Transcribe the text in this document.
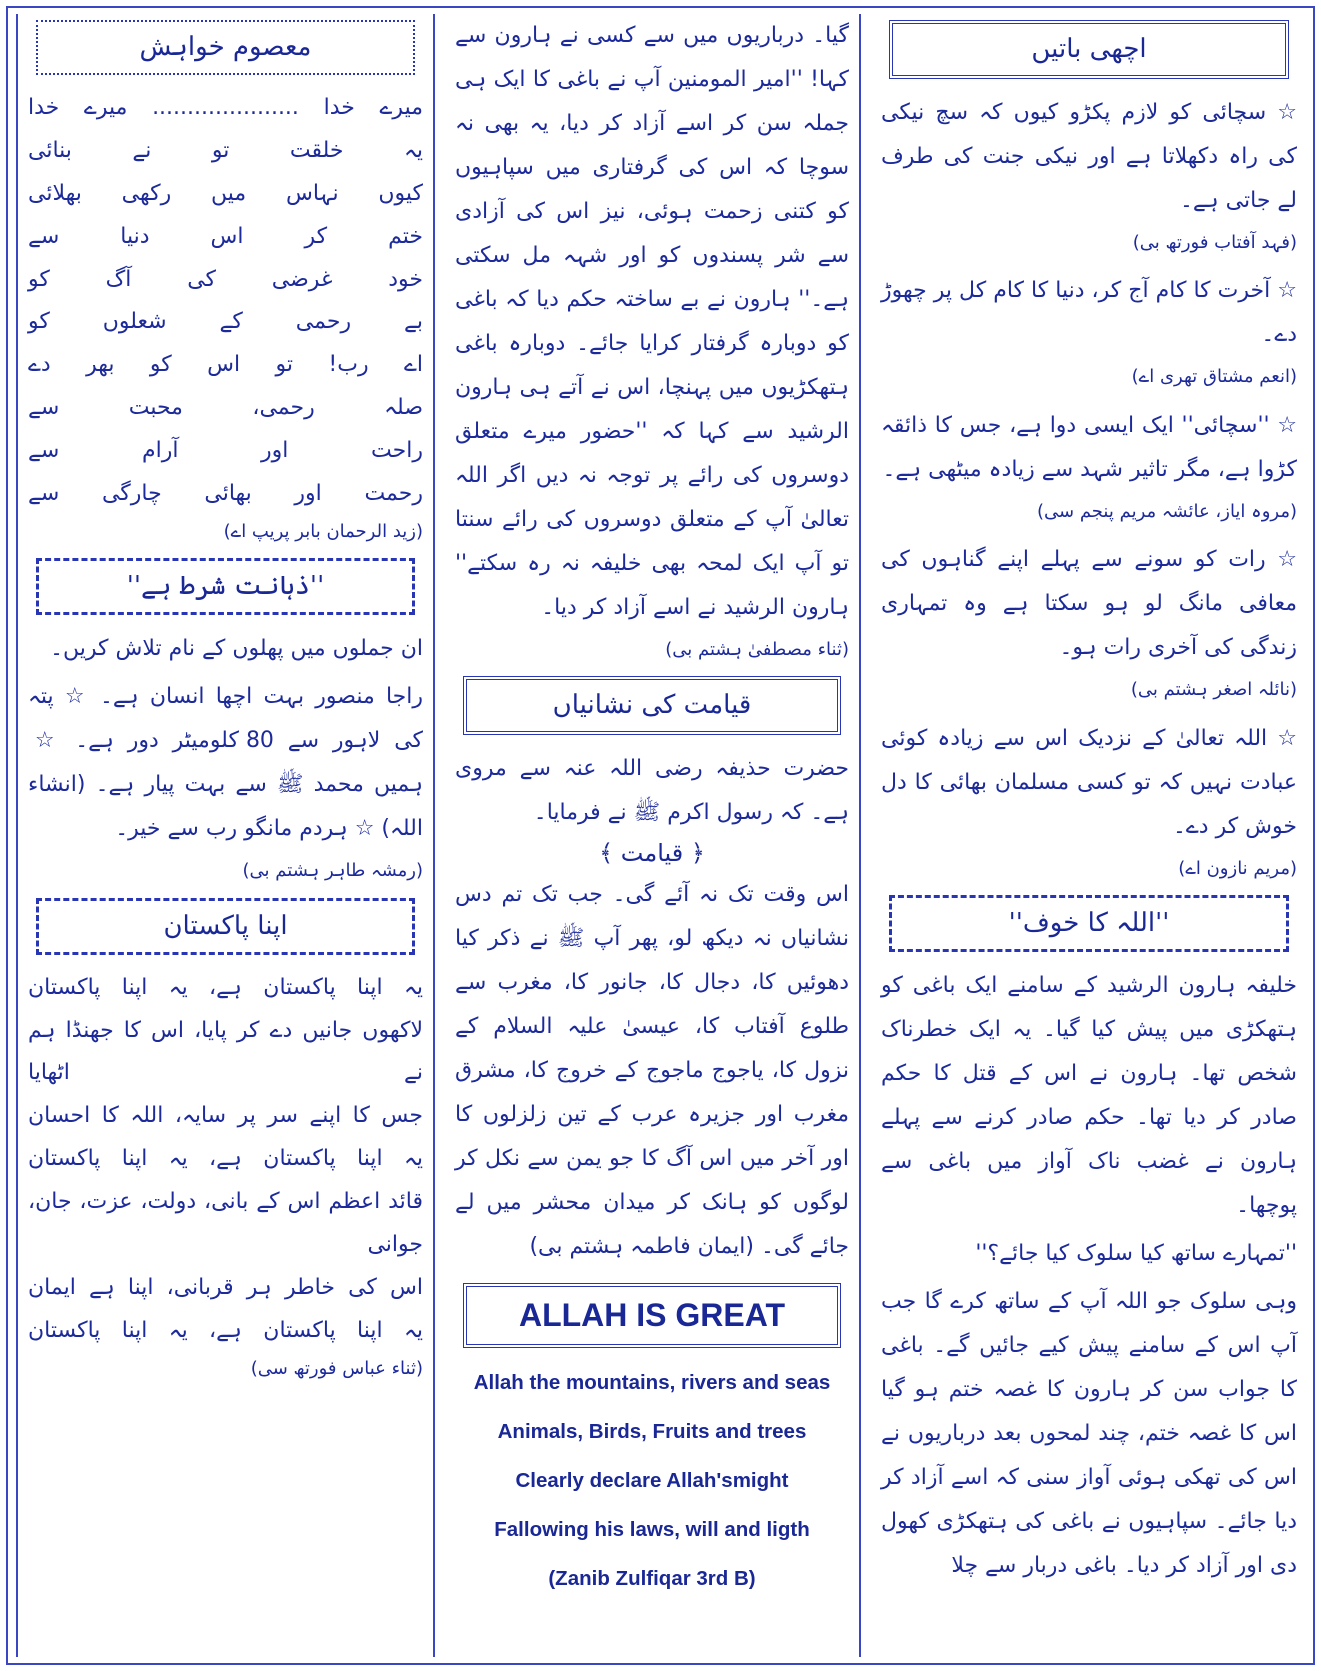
اچھی باتیں

☆ سچائی کو لازم پکڑو کیوں کہ سچ نیکی کی راہ دکھلاتا ہے اور نیکی جنت کی طرف لے جاتی ہے۔

(فہد آفتاب فورتھ بی)

☆ آخرت کا کام آج کر، دنیا کا کام کل پر چھوڑ دے۔

(انعم مشتاق تھری اے)

☆ ''سچائی'' ایک ایسی دوا ہے، جس کا ذائقہ کڑوا ہے، مگر تاثیر شہد سے زیادہ میٹھی ہے۔

(مروہ ایاز، عائشہ مریم پنجم سی)

☆ رات کو سونے سے پہلے اپنے گناہوں کی معافی مانگ لو ہو سکتا ہے وہ تمہاری زندگی کی آخری رات ہو۔

(نائلہ اصغر ہشتم بی)

☆ اللہ تعالیٰ کے نزدیک اس سے زیادہ کوئی عبادت نہیں کہ تو کسی مسلمان بھائی کا دل خوش کر دے۔

(مریم نازون اے)

''اللہ کا خوف''

خلیفہ ہارون الرشید کے سامنے ایک باغی کو ہتھکڑی میں پیش کیا گیا۔ یہ ایک خطرناک شخص تھا۔ ہارون نے اس کے قتل کا حکم صادر کر دیا تھا۔ حکم صادر کرنے سے پہلے ہارون نے غضب ناک آواز میں باغی سے پوچھا۔

''تمہارے ساتھ کیا سلوک کیا جائے؟''

وہی سلوک جو اللہ آپ کے ساتھ کرے گا جب آپ اس کے سامنے پیش کیے جائیں گے۔ باغی کا جواب سن کر ہارون کا غصہ ختم ہو گیا اس کا غصہ ختم، چند لمحوں بعد درباریوں نے اس کی تھکی ہوئی آواز سنی کہ اسے آزاد کر دیا جائے۔ سپاہیوں نے باغی کی ہتھکڑی کھول دی اور آزاد کر دیا۔ باغی دربار سے چلا

گیا۔ درباریوں میں سے کسی نے ہارون سے کہا! ''امیر المومنین آپ نے باغی کا ایک ہی جملہ سن کر اسے آزاد کر دیا، یہ بھی نہ سوچا کہ اس کی گرفتاری میں سپاہیوں کو کتنی زحمت ہوئی، نیز اس کی آزادی سے شر پسندوں کو اور شہہ مل سکتی ہے۔'' ہارون نے بے ساختہ حکم دیا کہ باغی کو دوبارہ گرفتار کرایا جائے۔ دوبارہ باغی ہتھکڑیوں میں پہنچا، اس نے آتے ہی ہارون الرشید سے کہا کہ ''حضور میرے متعلق دوسروں کی رائے پر توجہ نہ دیں اگر اللہ تعالیٰ آپ کے متعلق دوسروں کی رائے سنتا تو آپ ایک لمحہ بھی خلیفہ نہ رہ سکتے'' ہارون الرشید نے اسے آزاد کر دیا۔

(ثناء مصطفیٰ ہشتم بی)

قیامت کی نشانیاں

حضرت حذیفہ رضی اللہ عنہ سے مروی ہے۔ کہ رسول اکرم ﷺ نے فرمایا۔

﴿ قیامت ﴾

اس وقت تک نہ آئے گی۔ جب تک تم دس نشانیاں نہ دیکھ لو، پھر آپ ﷺ نے ذکر کیا دھوئیں کا، دجال کا، جانور کا، مغرب سے طلوع آفتاب کا، عیسیٰ علیہ السلام کے نزول کا، یاجوج ماجوج کے خروج کا، مشرق مغرب اور جزیرہ عرب کے تین زلزلوں کا اور آخر میں اس آگ کا جو یمن سے نکل کر لوگوں کو ہانک کر میدان محشر میں لے جائے گی۔ (ایمان فاطمہ ہشتم بی)

ALLAH IS GREAT
Allah the mountains, rivers and seas
Animals, Birds, Fruits and trees
Clearly declare Allah'smight
Fallowing his laws, will and ligth
(Zanib Zulfiqar 3rd B)
معصوم خواہش
میرے خدا ..................... میرے خدا
یہ خلقت تو نے بنائی
کیوں نہاس میں رکھی بھلائی
ختم کر اس دنیا سے
خود غرضی کی آگ کو
بے رحمی کے شعلوں کو
اے رب! تو اس کو بھر دے
صلہ رحمی، محبت سے
راحت اور آرام سے
رحمت اور بھائی چارگی سے

(زید الرحمان بابر پریپ اے)

''ذہانت شرط ہے''

ان جملوں میں پھلوں کے نام تلاش کریں۔

راجا منصور بہت اچھا انسان ہے۔ ☆ پتہ کی لاہور سے 80 کلومیٹر دور ہے۔ ☆ ہمیں محمد ﷺ سے بہت پیار ہے۔ (انشاء اللہ) ☆ ہردم مانگو رب سے خیر۔

(رمشہ طاہر ہشتم بی)

اپنا پاکستان
یہ اپنا پاکستان ہے، یہ اپنا پاکستان
لاکھوں جانیں دے کر پایا، اس کا جھنڈا ہم نے اٹھایا
جس کا اپنے سر پر سایہ، اللہ کا احسان
یہ اپنا پاکستان ہے، یہ اپنا پاکستان
قائد اعظم اس کے بانی، دولت، عزت، جان، جوانی
اس کی خاطر ہر قربانی، اپنا ہے ایمان
یہ اپنا پاکستان ہے، یہ اپنا پاکستان

(ثناء عباس فورتھ سی)
